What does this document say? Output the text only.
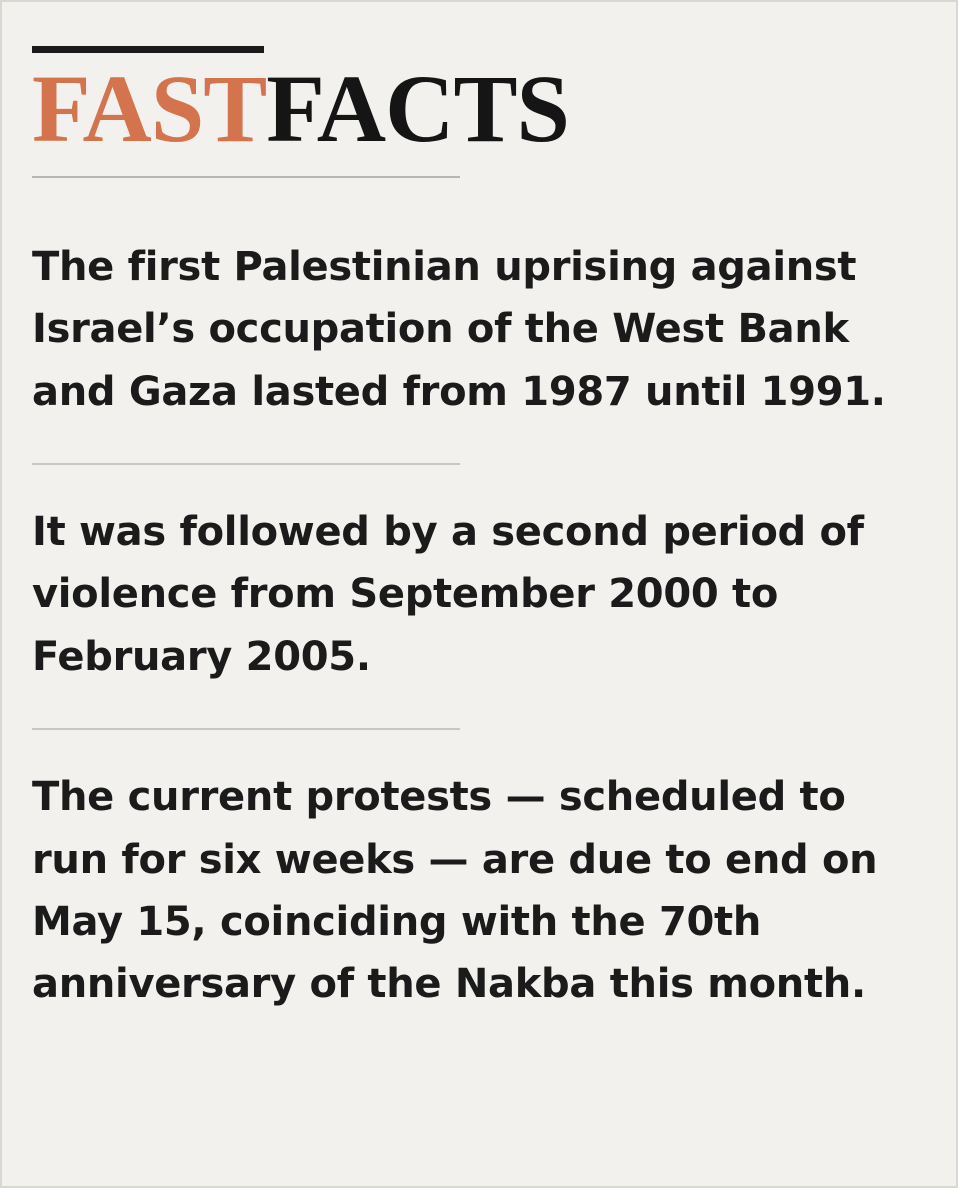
FASTFACTS
The first Palestinian uprising against Israel’s occupation of the West Bank and Gaza lasted from 1987 until 1991.
It was followed by a second period of violence from September 2000 to February 2005.
The current protests — scheduled to run for six weeks — are due to end on May 15, coinciding with the 70th anniversary of the Nakba this month.
